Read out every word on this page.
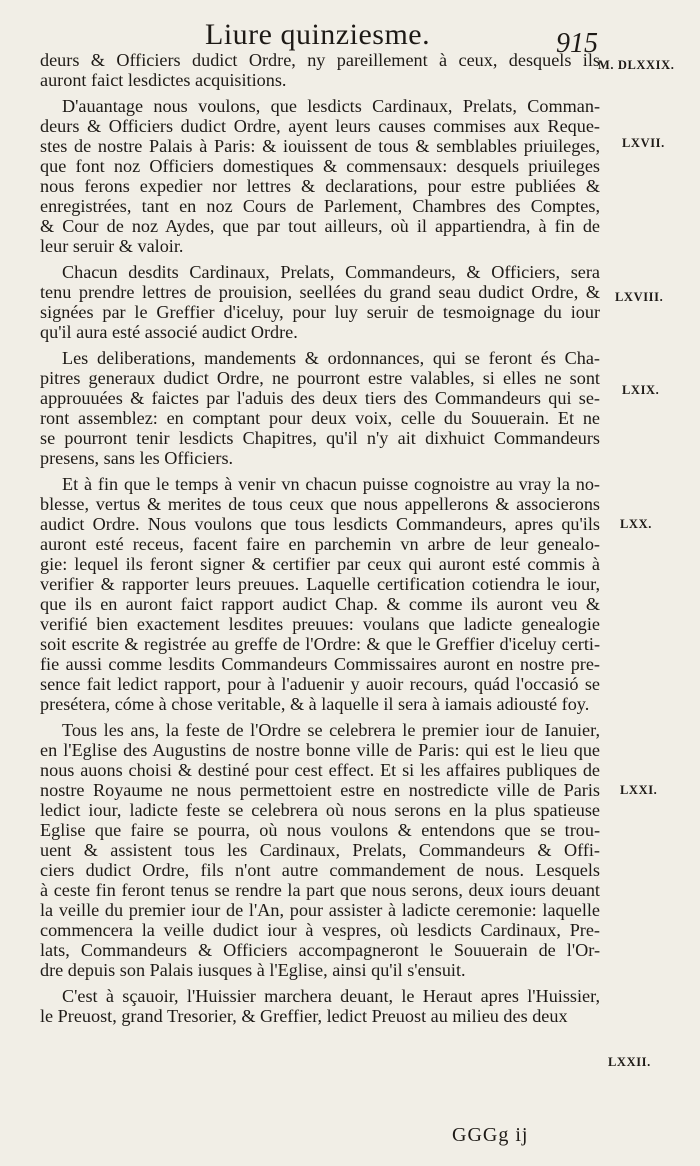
Liure quinziesme.	915
M. DLXXIX.
LXVII.
LXVIII.
LXIX.
LXX.
LXXI.
LXXII.
deurs & Officiers dudict Ordre, ny pareillement à ceux, desquels ils
auront faict lesdictes acquisitions.
D'auantage nous voulons, que lesdicts Cardinaux, Prelats, Comman-
deurs & Officiers dudict Ordre, ayent leurs causes commises aux Reque-
stes de nostre Palais à Paris: & iouissent de tous & semblables priuileges,
que font noz Officiers domestiques & commensaux: desquels priuileges
nous ferons expedier nor lettres & declarations, pour estre publiées &
enregistrées, tant en noz Cours de Parlement, Chambres des Comptes,
& Cour de noz Aydes, que par tout ailleurs, où il appartiendra, à fin de
leur seruir & valoir.
Chacun desdits Cardinaux, Prelats, Commandeurs, & Officiers, sera
tenu prendre lettres de prouision, seellées du grand seau dudict Ordre, &
signées par le Greffier d'iceluy, pour luy seruir de tesmoignage du iour
qu'il aura esté associé audict Ordre.
Les deliberations, mandements & ordonnances, qui se feront és Cha-
pitres generaux dudict Ordre, ne pourront estre valables, si elles ne sont
approuuées & faictes par l'aduis des deux tiers des Commandeurs qui se-
ront assemblez: en comptant pour deux voix, celle du Souuerain. Et ne
se pourront tenir lesdicts Chapitres, qu'il n'y ait dixhuict Commandeurs
presens, sans les Officiers.
Et à fin que le temps à venir vn chacun puisse cognoistre au vray la no-
blesse, vertus & merites de tous ceux que nous appellerons & associerons
audict Ordre. Nous voulons que tous lesdicts Commandeurs, apres qu'ils
auront esté receus, facent faire en parchemin vn arbre de leur genealo-
gie: lequel ils feront signer & certifier par ceux qui auront esté commis à
verifier & rapporter leurs preuues. Laquelle certification cotiendra le iour,
que ils en auront faict rapport audict Chap. & comme ils auront veu &
verifié bien exactement lesdites preuues: voulans que ladicte genealogie
soit escrite & registrée au greffe de l'Ordre: & que le Greffier d'iceluy certi-
fie aussi comme lesdits Commandeurs Commissaires auront en nostre pre-
sence fait ledict rapport, pour à l'aduenir y auoir recours, quád l'occasió se
presétera, cóme à chose veritable, & à laquelle il sera à iamais adiousté foy.
Tous les ans, la feste de l'Ordre se celebrera le premier iour de Ianuier,
en l'Eglise des Augustins de nostre bonne ville de Paris: qui est le lieu que
nous auons choisi & destiné pour cest effect. Et si les affaires publiques de
nostre Royaume ne nous permettoient estre en nostredicte ville de Paris
ledict iour, ladicte feste se celebrera où nous serons en la plus spatieuse
Eglise que faire se pourra, où nous voulons & entendons que se trou-
uent & assistent tous les Cardinaux, Prelats, Commandeurs & Offi-
ciers dudict Ordre, fils n'ont autre commandement de nous. Lesquels
à ceste fin feront tenus se rendre la part que nous serons, deux iours deuant
la veille du premier iour de l'An, pour assister à ladicte ceremonie: laquelle
commencera la veille dudict iour à vespres, où lesdicts Cardinaux, Pre-
lats, Commandeurs & Officiers accompagneront le Souuerain de l'Or-
dre depuis son Palais iusques à l'Eglise, ainsi qu'il s'ensuit.
C'est à sçauoir, l'Huissier marchera deuant, le Heraut apres l'Huissier,
le Preuost, grand Tresorier, & Greffier, ledict Preuost au milieu des deux
GGGg ij
